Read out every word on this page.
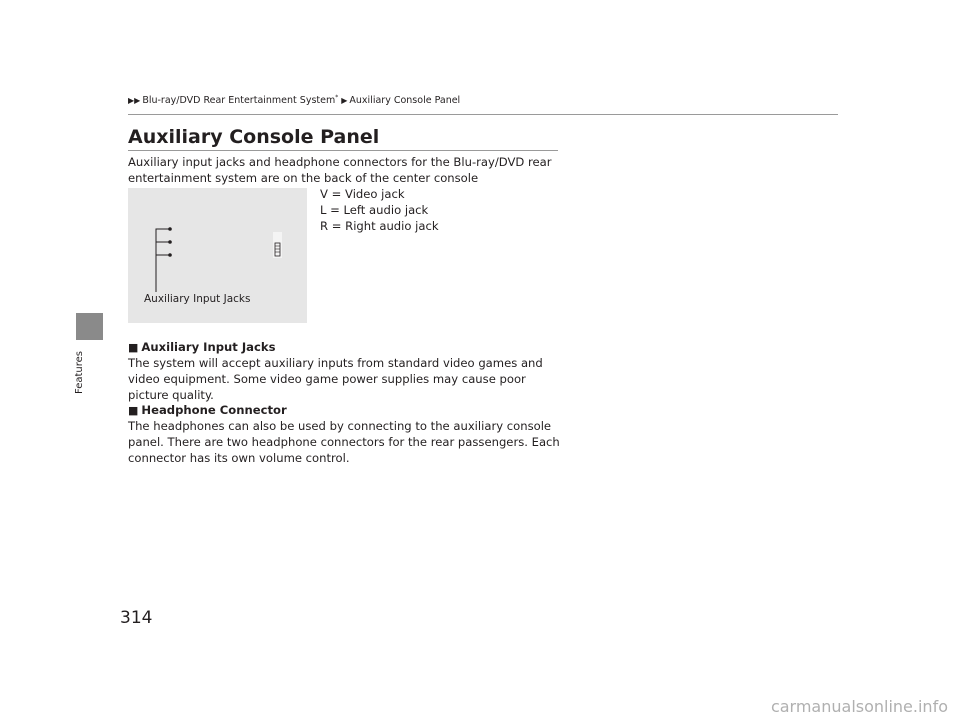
Features
▶▶ Blu-ray/DVD Rear Entertainment System* ▶ Auxiliary Console Panel
Auxiliary Console Panel
Auxiliary input jacks and headphone connectors for the Blu-ray/DVD rear entertainment system are on the back of the center console
Auxiliary Input Jacks
V = Video jack
L = Left audio jack
R = Right audio jack
■ Auxiliary Input Jacks
The system will accept auxiliary inputs from standard video games and video equipment. Some video game power supplies may cause poor picture quality.
■ Headphone Connector
The headphones can also be used by connecting to the auxiliary console panel. There are two headphone connectors for the rear passengers. Each connector has its own volume control.
314
carmanualsonline.info
